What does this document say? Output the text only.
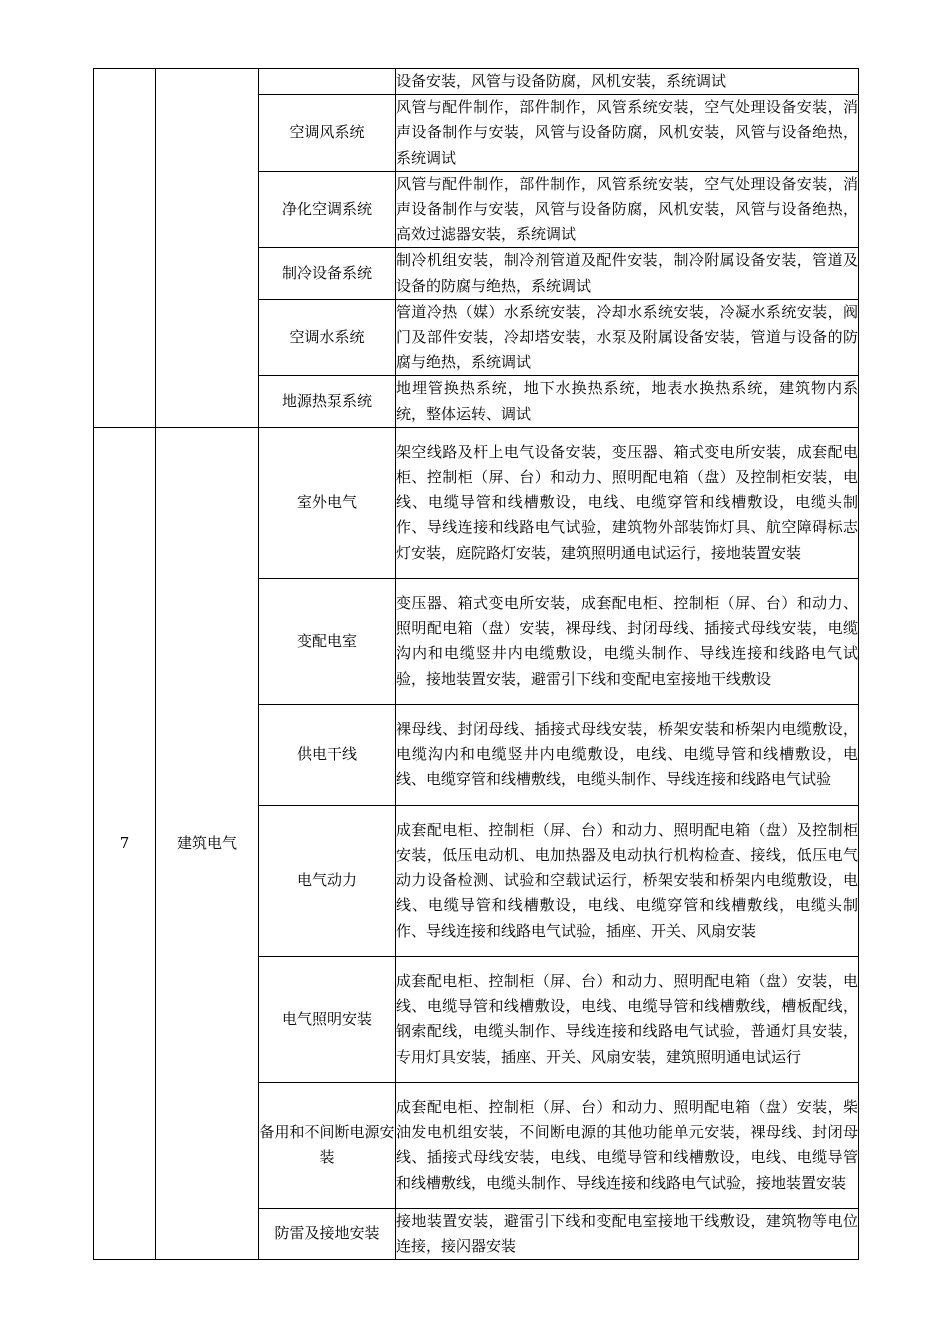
			设备安装，风管与设备防腐，风机安装，系统调试
		空调风系统	风管与配件制作，部件制作，风管系统安装，空气处理设备安装，消声设备制作与安装，风管与设备防腐，风机安装，风管与设备绝热，系统调试
		净化空调系统	风管与配件制作，部件制作，风管系统安装，空气处理设备安装，消声设备制作与安装，风管与设备防腐，风机安装，风管与设备绝热，高效过滤器安装，系统调试
		制冷设备系统	制冷机组安装，制冷剂管道及配件安装，制冷附属设备安装，管道及设备的防腐与绝热，系统调试
		空调水系统	管道冷热（媒）水系统安装，冷却水系统安装，冷凝水系统安装，阀门及部件安装，冷却塔安装，水泵及附属设备安装，管道与设备的防腐与绝热，系统调试
		地源热泵系统	地埋管换热系统，地下水换热系统，地表水换热系统，建筑物内系统，整体运转、调试
7	建筑电气	室外电气	架空线路及杆上电气设备安装，变压器、箱式变电所安装，成套配电柜、控制柜（屏、台）和动力、照明配电箱（盘）及控制柜安装，电线、电缆导管和线槽敷设，电线、电缆穿管和线槽敷设，电缆头制作、导线连接和线路电气试验，建筑物外部装饰灯具、航空障碍标志灯安装，庭院路灯安装，建筑照明通电试运行，接地装置安装
		变配电室	变压器、箱式变电所安装，成套配电柜、控制柜（屏、台）和动力、照明配电箱（盘）安装，裸母线、封闭母线、插接式母线安装，电缆沟内和电缆竖井内电缆敷设，电缆头制作、导线连接和线路电气试验，接地装置安装，避雷引下线和变配电室接地干线敷设
		供电干线	裸母线、封闭母线、插接式母线安装，桥架安装和桥架内电缆敷设，电缆沟内和电缆竖井内电缆敷设，电线、电缆导管和线槽敷设，电线、电缆穿管和线槽敷线，电缆头制作、导线连接和线路电气试验
		电气动力	成套配电柜、控制柜（屏、台）和动力、照明配电箱（盘）及控制柜安装，低压电动机、电加热器及电动执行机构检查、接线，低压电气动力设备检测、试验和空载试运行，桥架安装和桥架内电缆敷设，电线、电缆导管和线槽敷设，电线、电缆穿管和线槽敷线，电缆头制作、导线连接和线路电气试验，插座、开关、风扇安装
		电气照明安装	成套配电柜、控制柜（屏、台）和动力、照明配电箱（盘）安装，电线、电缆导管和线槽敷设，电线、电缆导管和线槽敷线，槽板配线，钢索配线，电缆头制作、导线连接和线路电气试验，普通灯具安装，专用灯具安装，插座、开关、风扇安装，建筑照明通电试运行
		备用和不间断电源安装	成套配电柜、控制柜（屏、台）和动力、照明配电箱（盘）安装，柴油发电机组安装，不间断电源的其他功能单元安装，裸母线、封闭母线、插接式母线安装，电线、电缆导管和线槽敷设，电线、电缆导管和线槽敷线，电缆头制作、导线连接和线路电气试验，接地装置安装
		防雷及接地安装	接地装置安装，避雷引下线和变配电室接地干线敷设，建筑物等电位连接，接闪器安装
